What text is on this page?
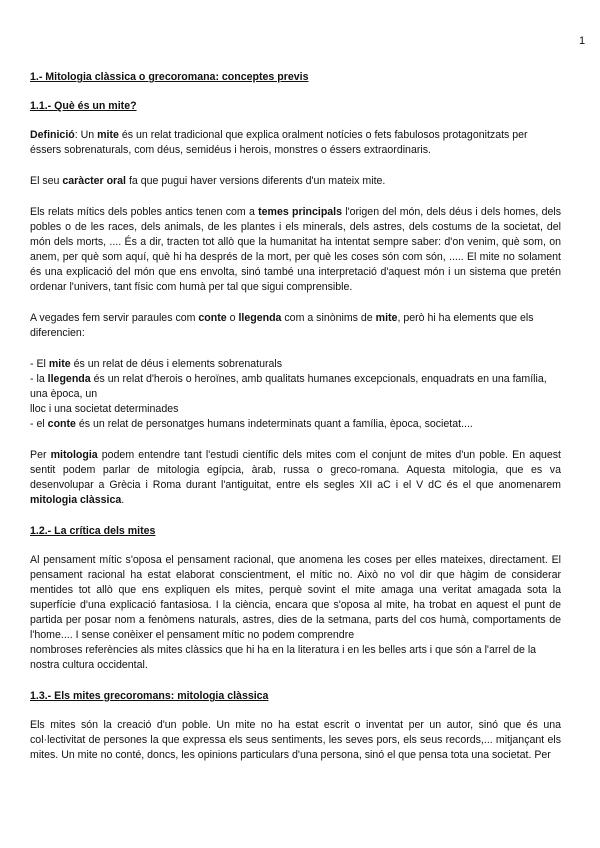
1
1.- Mitologia clàssica o grecoromana: conceptes previs
1.1.- Què és un mite?
Definició: Un mite és un relat tradicional que explica oralment notícies o fets fabulosos protagonitzats per éssers sobrenaturals, com déus, semidéus i herois, monstres o éssers extraordinaris.
El seu caràcter oral fa que pugui haver versions diferents d'un mateix mite.
Els relats mítics dels pobles antics tenen com a temes principals l'origen del món, dels déus i dels homes, dels pobles o de les races, dels animals, de les plantes i els minerals, dels astres, dels costums de la societat, del món dels morts, .... És a dir, tracten tot allò que la humanitat ha intentat sempre saber: d'on venim, què som, on anem, per què som aquí, què hi ha després de la mort, per què les coses són com són, ..... El mite no solament és una explicació del món que ens envolta, sinó també una interpretació d'aquest món i un sistema que pretén ordenar l'univers, tant físic com humà per tal que sigui comprensible.
A vegades fem servir paraules com conte o llegenda com a sinònims de mite, però hi ha elements que els diferencien:
- El mite és un relat de déus i elements sobrenaturals
- la llegenda és un relat d'herois o heroïnes, amb qualitats humanes excepcionals, enquadrats en una família, una època, un
lloc i una societat determinades
- el conte és un relat de personatges humans indeterminats quant a família, època, societat....
Per mitologia podem entendre tant l'estudi científic dels mites com el conjunt de mites d'un poble. En aquest sentit podem parlar de mitologia egípcia, àrab, russa o greco-romana. Aquesta mitologia, que es va desenvolupar a Grècia i Roma durant l'antiguitat, entre els segles XII aC i el V dC és el que anomenarem mitologia clàssica.
1.2.- La crítica dels mites
Al pensament mític s'oposa el pensament racional, que anomena les coses per elles mateixes, directament. El pensament racional ha estat elaborat conscientment, el mític no. Això no vol dir que hàgim de considerar mentides tot allò que ens expliquen els mites, perquè sovint el mite amaga una veritat amagada sota la superfície d'una explicació fantasiosa. I la ciència, encara que s'oposa al mite, ha trobat en aquest el punt de partida per posar nom a fenòmens naturals, astres, dies de la setmana, parts del cos humà, comportaments de l'home.... I sense conèixer el pensament mític no podem comprendre
nombroses referències als mites clàssics que hi ha en la literatura i en les belles arts i que són a l'arrel de la nostra cultura occidental.
1.3.- Els mites grecoromans: mitologia clàssica
Els mites són la creació d'un poble. Un mite no ha estat escrit o inventat per un autor, sinó que és una col·lectivitat de persones la que expressa els seus sentiments, les seves pors, els seus records,... mitjançant els mites. Un mite no conté, doncs, les opinions particulars d'una persona, sinó el que pensa tota una societat. Per
